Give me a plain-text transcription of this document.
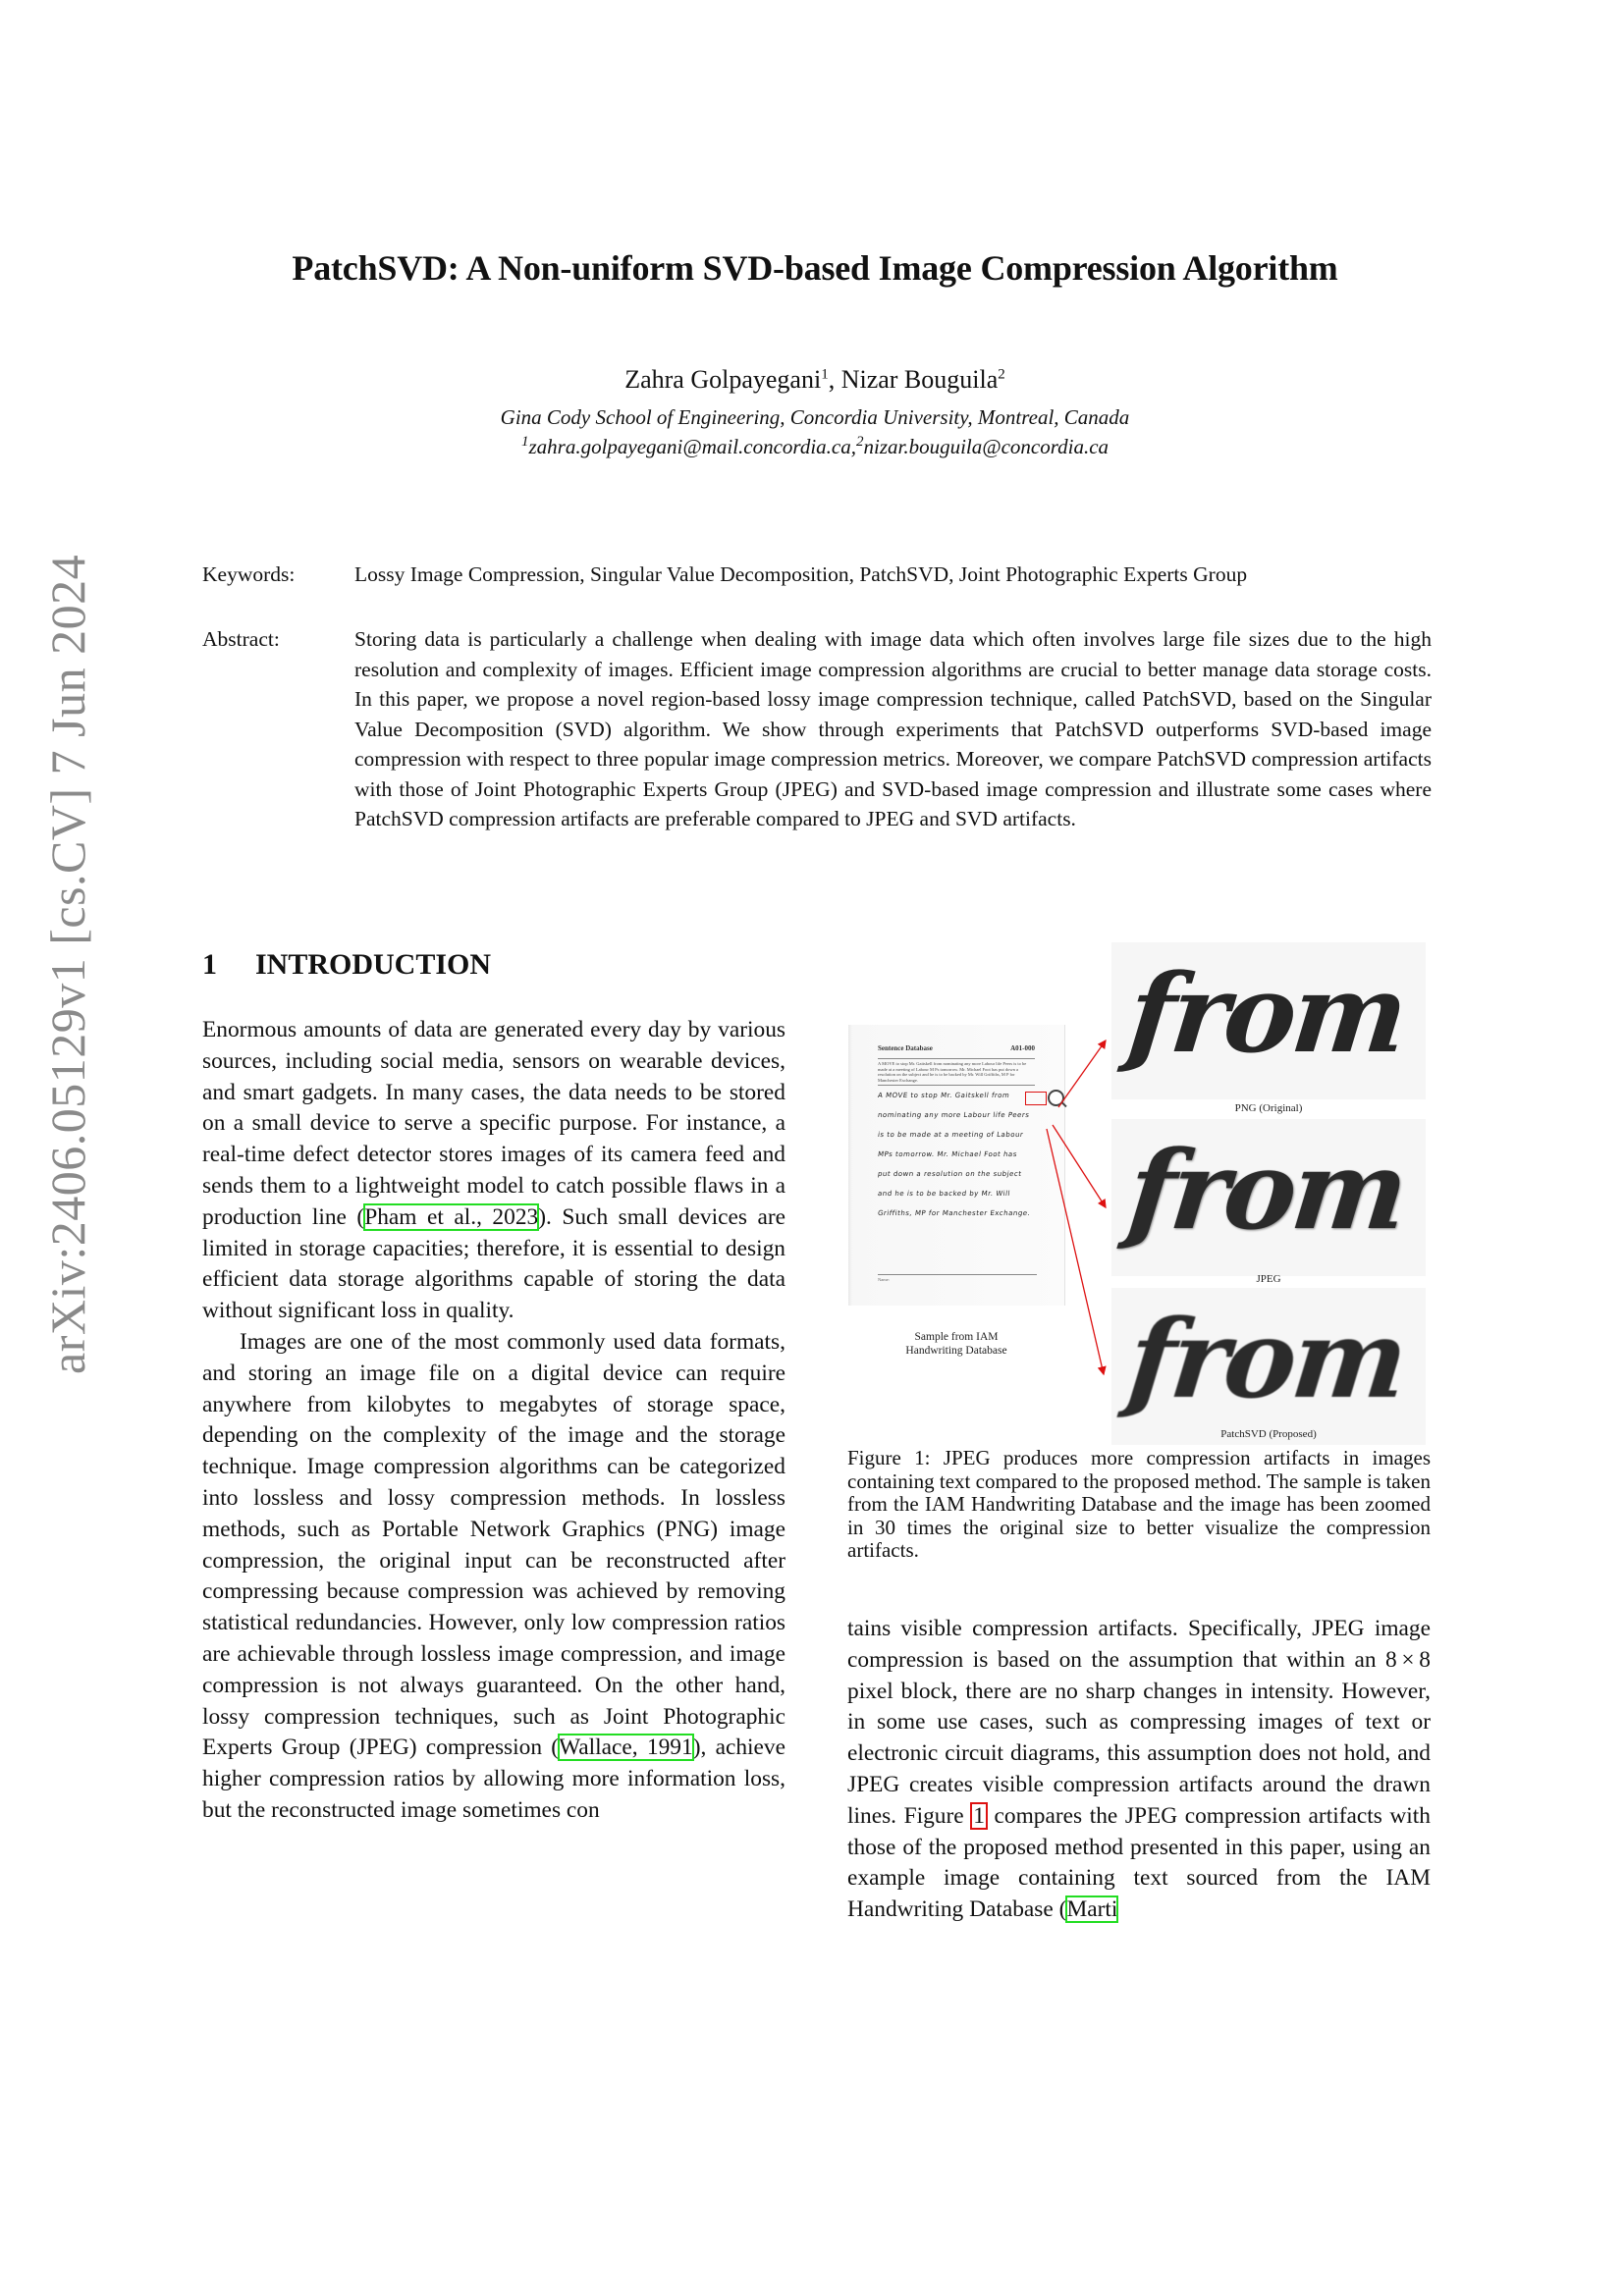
arXiv:2406.05129v1 [cs.CV] 7 Jun 2024
PatchSVD: A Non-uniform SVD-based Image Compression Algorithm
Zahra Golpayegani$^1$, Nizar Bouguila$^2$
Gina Cody School of Engineering, Concordia University, Montreal, Canada
$^1$zahra.golpayegani@mail.concordia.ca,$^2$nizar.bouguila@concordia.ca
Keywords:	Lossy Image Compression, Singular Value Decomposition, PatchSVD, Joint Photographic Experts Group
Abstract:	Storing data is particularly a challenge when dealing with image data which often involves large file sizes due to the high resolution and complexity of images. Efficient image compression algorithms are crucial to better manage data storage costs. In this paper, we propose a novel region-based lossy image compression technique, called PatchSVD, based on the Singular Value Decomposition (SVD) algorithm. We show through experiments that PatchSVD outperforms SVD-based image compression with respect to three popular image compression metrics. Moreover, we compare PatchSVD compression artifacts with those of Joint Photographic Experts Group (JPEG) and SVD-based image compression and illustrate some cases where PatchSVD compression artifacts are preferable compared to JPEG and SVD artifacts.
1 INTRODUCTION

Enormous amounts of data are generated every day by various sources, including social media, sensors on wearable devices, and smart gadgets. In many cases, the data needs to be stored on a small device to serve a specific purpose. For instance, a real-time defect detector stores images of its camera feed and sends them to a lightweight model to catch possible flaws in a production line (Pham et al., 2023). Such small devices are limited in storage capacities; therefore, it is essential to design efficient data storage algorithms capable of storing the data without significant loss in quality.

Images are one of the most commonly used data formats, and storing an image file on a digital device can require anywhere from kilobytes to megabytes of storage space, depending on the complexity of the image and the storage technique. Image compression algorithms can be categorized into lossless and lossy compression methods. In lossless methods, such as Portable Network Graphics (PNG) image compression, the original input can be reconstructed after compressing because compression was achieved by removing statistical redundancies. However, only low compression ratios are achievable through lossless image compression, and image compression is not always guaranteed. On the other hand, lossy compression techniques, such as Joint Photographic Experts Group (JPEG) compression (Wallace, 1991), achieve higher compression ratios by allowing more information loss, but the reconstructed image sometimes con

Sentence Database	A01-000
A MOVE to stop Mr. Gaitskell from nominating any more Labour life Peers is to be made at a meeting of Labour M Ps tomorrow. Mr. Michael Foot has put down a resolution on the subject and he is to be backed by Mr. Will Griffiths, M P for Manchester Exchange.
A MOVE to stop Mr. Gaitskell from
nominating any more Labour life Peers
is to be made at a meeting of Labour
MPs tomorrow. Mr. Michael Foot has
put down a resolution on the subject
and he is to be backed by Mr. Will
Griffiths, MP for Manchester Exchange.
Name:
Sample from IAM
Handwriting Database
from
PNG (Original)
from
JPEG
from
PatchSVD (Proposed)
Figure 1: JPEG produces more compression artifacts in images containing text compared to the proposed method. The sample is taken from the IAM Handwriting Database and the image has been zoomed in 30 times the original size to better visualize the compression artifacts.

tains visible compression artifacts. Specifically, JPEG image compression is based on the assumption that within an 8 × 8 pixel block, there are no sharp changes in intensity. However, in some use cases, such as compressing images of text or electronic circuit diagrams, this assumption does not hold, and JPEG creates visible compression artifacts around the drawn lines. Figure 1 compares the JPEG compression artifacts with those of the proposed method presented in this paper, using an example image containing text sourced from the IAM Handwriting Database (Marti
